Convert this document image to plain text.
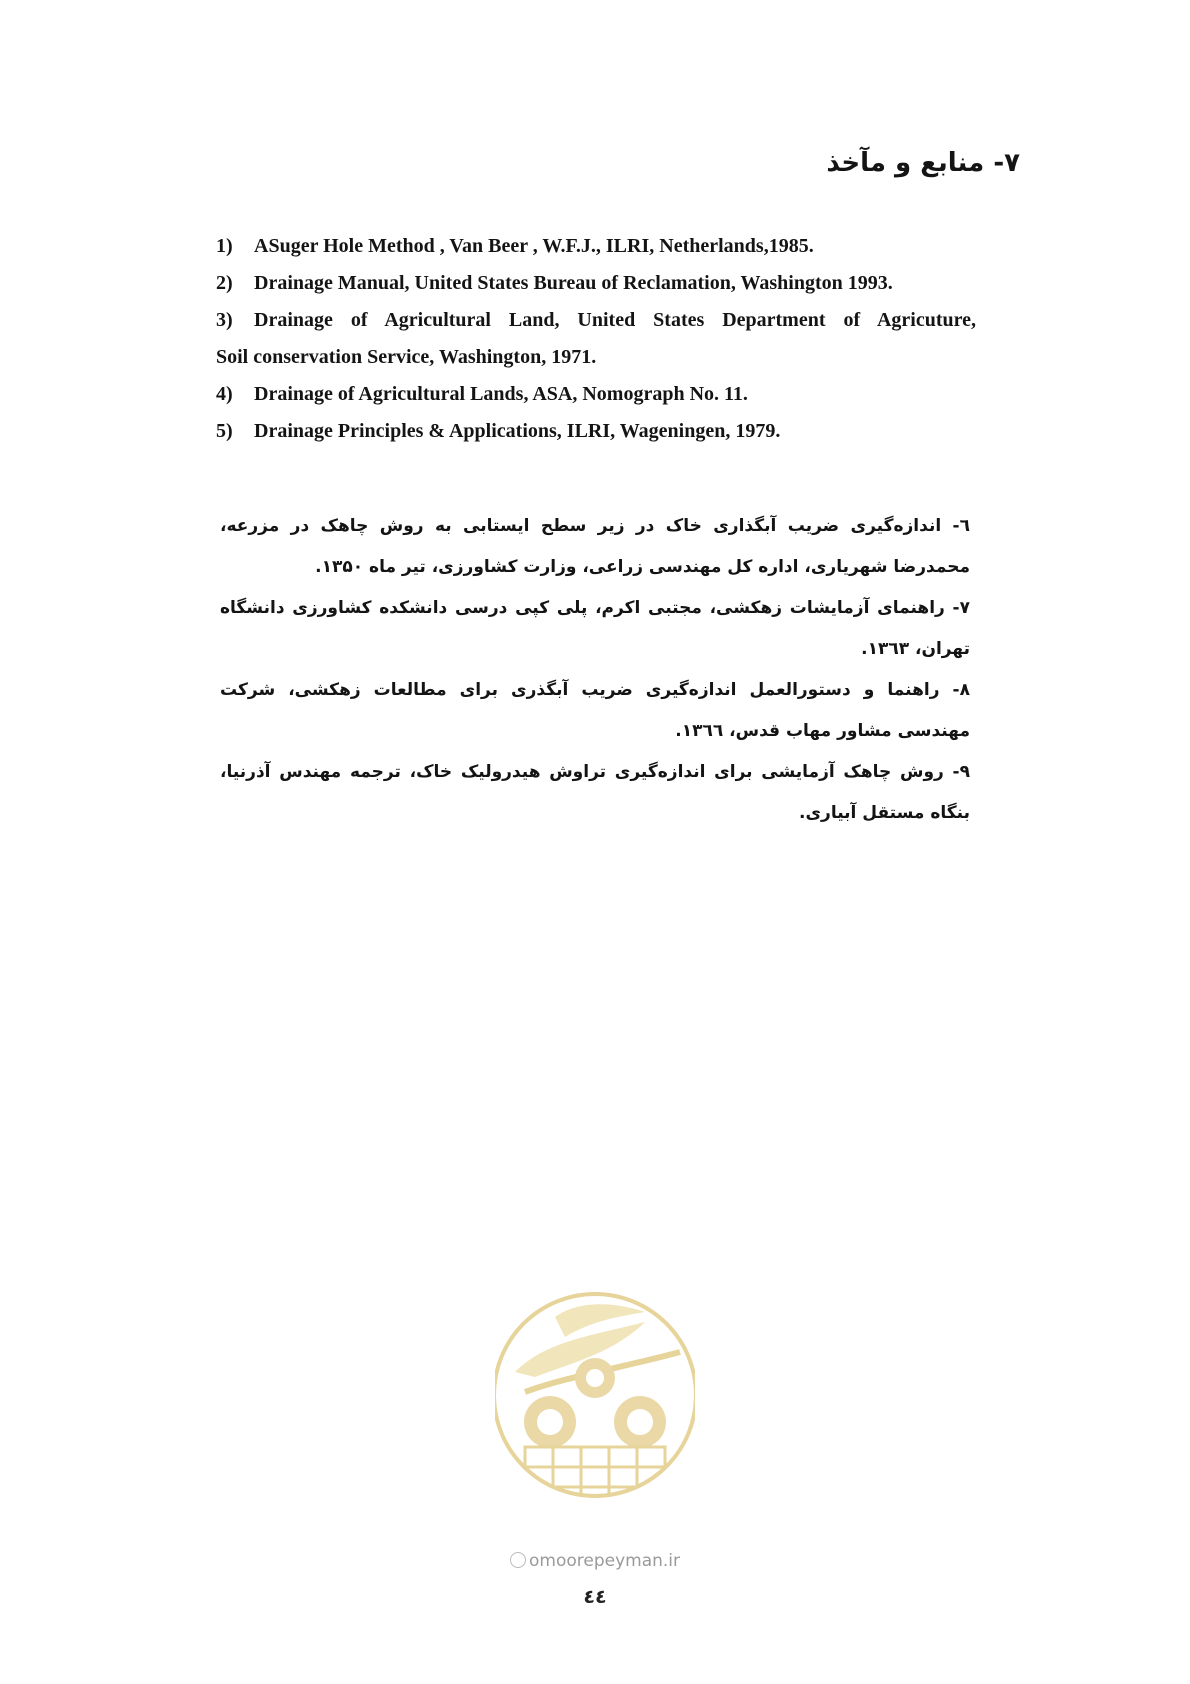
۷- منابع و مآخذ
1)	ASuger Hole Method , Van Beer , W.F.J., ILRI, Netherlands,1985.
2)	Drainage Manual, United States Bureau of Reclamation, Washington 1993.
3)	Drainage of Agricultural Land, United States Department of Agricuture,
Soil conservation Service, Washington, 1971.
4)	Drainage of Agricultural Lands, ASA, Nomograph No. 11.
5)	Drainage Principles & Applications, ILRI, Wageningen, 1979.
٦- اندازه‌گیری ضریب آبگذاری خاک در زیر سطح ایستابی به روش چاهک در مزرعه، محمدرضا شهریاری، اداره کل مهندسی زراعی، وزارت کشاورزی، تیر ماه ۱۳۵۰.
۷- راهنمای آزمایشات زهکشی، مجتبی اکرم، پلی کپی درسی دانشکده کشاورزی دانشگاه تهران، ۱۳٦۳.
۸- راهنما و دستورالعمل اندازه‌گیری ضریب آبگذری برای مطالعات زهکشی، شرکت مهندسی مشاور مهاب قدس، ۱۳٦٦.
۹- روش چاهک آزمایشی برای اندازه‌گیری تراوش هیدرولیک خاک، ترجمه مهندس آذرنیا، بنگاه مستقل آبیاری.
omoorepeyman.ir
٤٤
